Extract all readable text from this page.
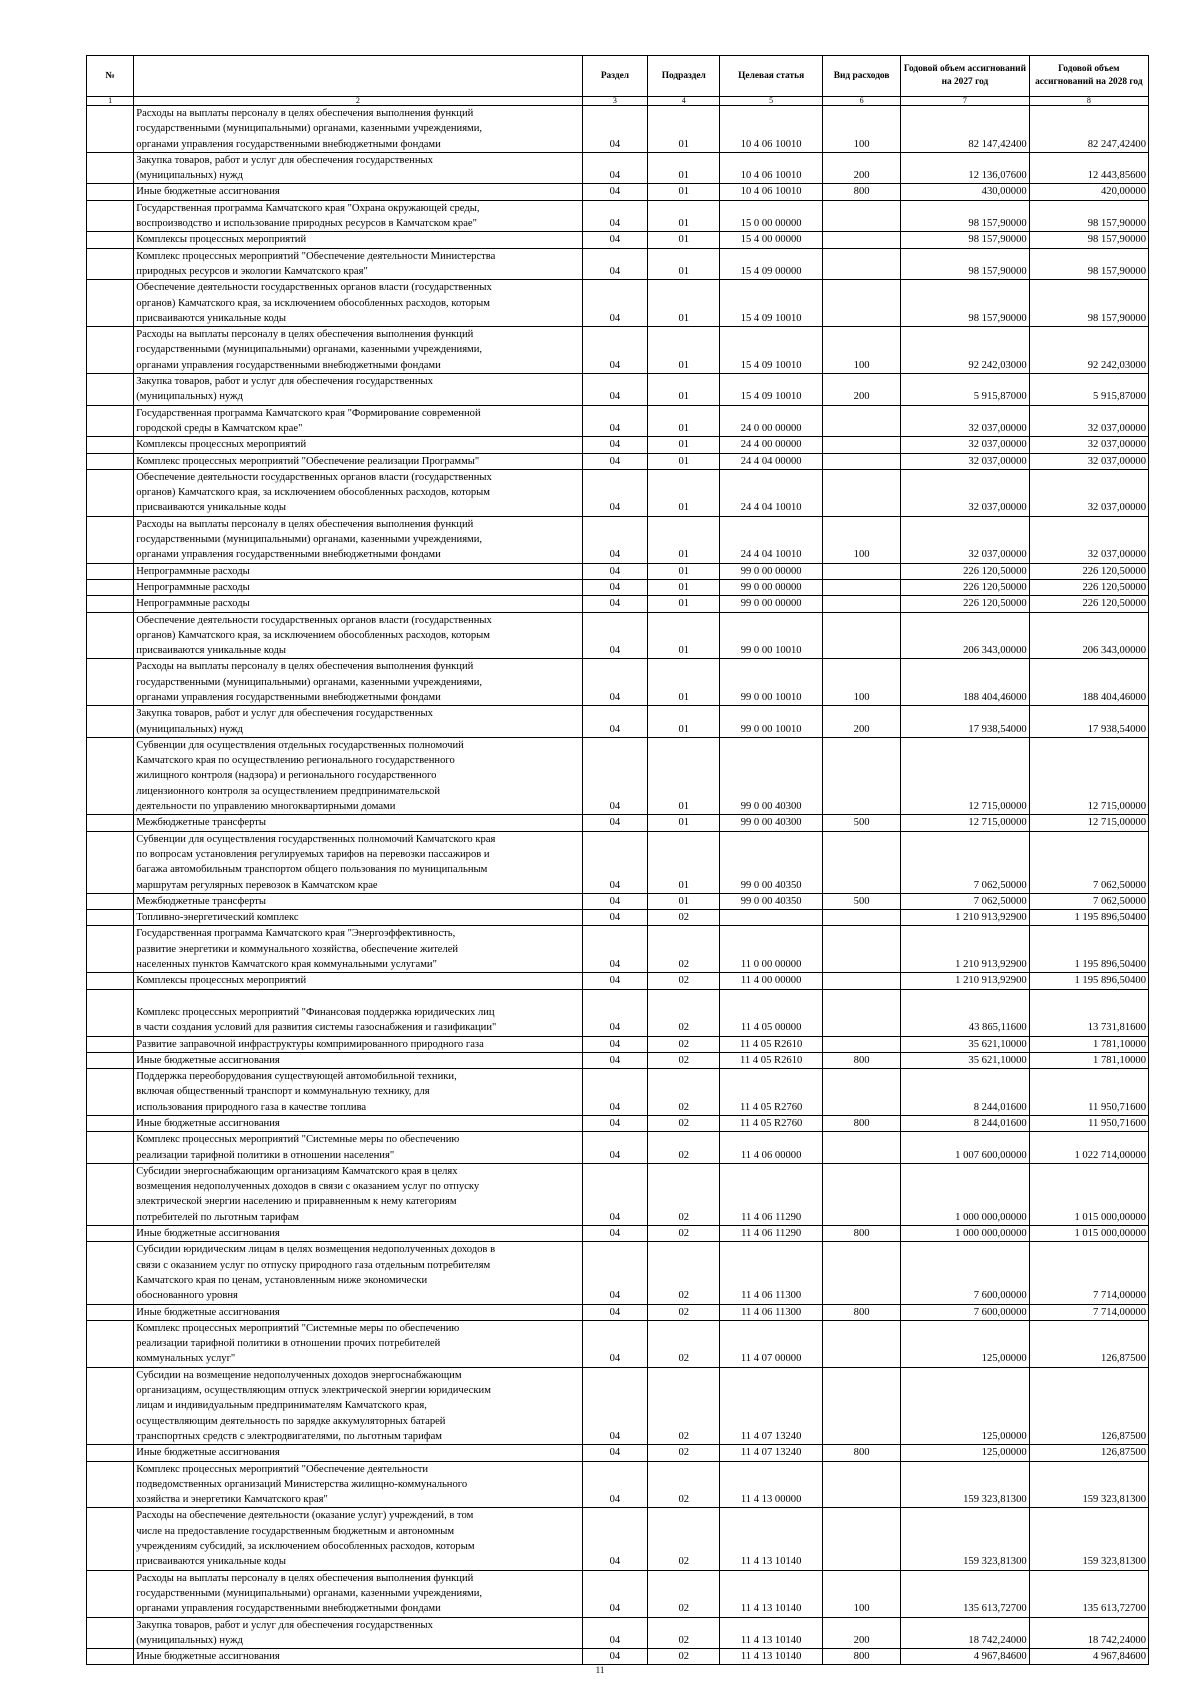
№		Раздел	Подраздел	Целевая статья	Вид расходов	Годовой объем ассигнований на 2027 год	Годовой объем ассигнований на 2028 год
1	2	3	4	5	6	7	8
	Расходы на выплаты персоналу в целях обеспечения выполнения функций
государственными (муниципальными) органами, казенными учреждениями,
органами управления государственными внебюджетными фондами	04	01	10 4 06 10010	100	82 147,42400	82 247,42400
	Закупка товаров, работ и услуг для обеспечения государственных
(муниципальных) нужд	04	01	10 4 06 10010	200	12 136,07600	12 443,85600
	Иные бюджетные ассигнования	04	01	10 4 06 10010	800	430,00000	420,00000
	Государственная программа Камчатского края "Охрана окружающей среды,
воспроизводство и использование природных ресурсов в Камчатском крае"	04	01	15 0 00 00000		98 157,90000	98 157,90000
	Комплексы процессных мероприятий	04	01	15 4 00 00000		98 157,90000	98 157,90000
	Комплекс процессных мероприятий "Обеспечение деятельности Министерства
природных ресурсов и экологии Камчатского края"	04	01	15 4 09 00000		98 157,90000	98 157,90000
	Обеспечение деятельности государственных органов власти (государственных
органов) Камчатского края, за исключением обособленных расходов, которым
присваиваются уникальные коды	04	01	15 4 09 10010		98 157,90000	98 157,90000
	Расходы на выплаты персоналу в целях обеспечения выполнения функций
государственными (муниципальными) органами, казенными учреждениями,
органами управления государственными внебюджетными фондами	04	01	15 4 09 10010	100	92 242,03000	92 242,03000
	Закупка товаров, работ и услуг для обеспечения государственных
(муниципальных) нужд	04	01	15 4 09 10010	200	5 915,87000	5 915,87000
	Государственная программа Камчатского края "Формирование современной
городской среды в Камчатском крае"	04	01	24 0 00 00000		32 037,00000	32 037,00000
	Комплексы процессных мероприятий	04	01	24 4 00 00000		32 037,00000	32 037,00000
	Комплекс процессных мероприятий "Обеспечение реализации Программы"	04	01	24 4 04 00000		32 037,00000	32 037,00000
	Обеспечение деятельности государственных органов власти (государственных
органов) Камчатского края, за исключением обособленных расходов, которым
присваиваются уникальные коды	04	01	24 4 04 10010		32 037,00000	32 037,00000
	Расходы на выплаты персоналу в целях обеспечения выполнения функций
государственными (муниципальными) органами, казенными учреждениями,
органами управления государственными внебюджетными фондами	04	01	24 4 04 10010	100	32 037,00000	32 037,00000
	Непрограммные расходы	04	01	99 0 00 00000		226 120,50000	226 120,50000
	Непрограммные расходы	04	01	99 0 00 00000		226 120,50000	226 120,50000
	Непрограммные расходы	04	01	99 0 00 00000		226 120,50000	226 120,50000
	Обеспечение деятельности государственных органов власти (государственных
органов) Камчатского края, за исключением обособленных расходов, которым
присваиваются уникальные коды	04	01	99 0 00 10010		206 343,00000	206 343,00000
	Расходы на выплаты персоналу в целях обеспечения выполнения функций
государственными (муниципальными) органами, казенными учреждениями,
органами управления государственными внебюджетными фондами	04	01	99 0 00 10010	100	188 404,46000	188 404,46000
	Закупка товаров, работ и услуг для обеспечения государственных
(муниципальных) нужд	04	01	99 0 00 10010	200	17 938,54000	17 938,54000
	Субвенции для осуществления отдельных государственных полномочий
Камчатского края по осуществлению регионального государственного
жилищного контроля (надзора) и регионального государственного
лицензионного контроля за осуществлением предпринимательской
деятельности по управлению многоквартирными домами	04	01	99 0 00 40300		12 715,00000	12 715,00000
	Межбюджетные трансферты	04	01	99 0 00 40300	500	12 715,00000	12 715,00000
	Субвенции для осуществления государственных полномочий Камчатского края
по вопросам установления регулируемых тарифов на перевозки пассажиров и
багажа автомобильным транспортом общего пользования по муниципальным
маршрутам регулярных перевозок в Камчатском крае	04	01	99 0 00 40350		7 062,50000	7 062,50000
	Межбюджетные трансферты	04	01	99 0 00 40350	500	7 062,50000	7 062,50000
	Топливно-энергетический комплекс	04	02			1 210 913,92900	1 195 896,50400
	Государственная программа Камчатского края "Энергоэффективность,
развитие энергетики и коммунального хозяйства, обеспечение жителей
населенных пунктов Камчатского края коммунальными услугами"	04	02	11 0 00 00000		1 210 913,92900	1 195 896,50400
	Комплексы процессных мероприятий	04	02	11 4 00 00000		1 210 913,92900	1 195 896,50400

Комплекс процессных мероприятий "Финансовая поддержка юридических лиц
в части создания условий для развития системы газоснабжения и газификации"	04	02	11 4 05 00000		43 865,11600	13 731,81600
	Развитие заправочной инфраструктуры компримированного природного газа	04	02	11 4 05 R2610		35 621,10000	1 781,10000
	Иные бюджетные ассигнования	04	02	11 4 05 R2610	800	35 621,10000	1 781,10000
	Поддержка переоборудования существующей автомобильной техники,
включая общественный транспорт и коммунальную технику, для
использования природного газа в качестве топлива	04	02	11 4 05 R2760		8 244,01600	11 950,71600
	Иные бюджетные ассигнования	04	02	11 4 05 R2760	800	8 244,01600	11 950,71600
	Комплекс процессных мероприятий "Системные меры по обеспечению
реализации тарифной политики в отношении населения"	04	02	11 4 06 00000		1 007 600,00000	1 022 714,00000
	Субсидии энергоснабжающим организациям Камчатского края в целях
возмещения недополученных доходов в связи с оказанием услуг по отпуску
электрической энергии населению и приравненным к нему категориям
потребителей по льготным тарифам	04	02	11 4 06 11290		1 000 000,00000	1 015 000,00000
	Иные бюджетные ассигнования	04	02	11 4 06 11290	800	1 000 000,00000	1 015 000,00000
	Субсидии юридическим лицам в целях возмещения недополученных доходов в
связи с оказанием услуг по отпуску природного газа отдельным потребителям
Камчатского края по ценам, установленным ниже экономически
обоснованного уровня	04	02	11 4 06 11300		7 600,00000	7 714,00000
	Иные бюджетные ассигнования	04	02	11 4 06 11300	800	7 600,00000	7 714,00000
	Комплекс процессных мероприятий "Системные меры по обеспечению
реализации тарифной политики в отношении прочих потребителей
коммунальных услуг"	04	02	11 4 07 00000		125,00000	126,87500
	Субсидии на возмещение недополученных доходов энергоснабжающим
организациям, осуществляющим отпуск электрической энергии юридическим
лицам и индивидуальным предпринимателям Камчатского края,
осуществляющим деятельность по зарядке аккумуляторных батарей
транспортных средств с электродвигателями, по льготным тарифам	04	02	11 4 07 13240		125,00000	126,87500
	Иные бюджетные ассигнования	04	02	11 4 07 13240	800	125,00000	126,87500
	Комплекс процессных мероприятий "Обеспечение деятельности
подведомственных организаций Министерства жилищно-коммунального
хозяйства и энергетики Камчатского края"	04	02	11 4 13 00000		159 323,81300	159 323,81300
	Расходы на обеспечение деятельности (оказание услуг) учреждений, в том
числе на предоставление государственным бюджетным и автономным
учреждениям субсидий, за исключением обособленных расходов, которым
присваиваются уникальные коды	04	02	11 4 13 10140		159 323,81300	159 323,81300
	Расходы на выплаты персоналу в целях обеспечения выполнения функций
государственными (муниципальными) органами, казенными учреждениями,
органами управления государственными внебюджетными фондами	04	02	11 4 13 10140	100	135 613,72700	135 613,72700
	Закупка товаров, работ и услуг для обеспечения государственных
(муниципальных) нужд	04	02	11 4 13 10140	200	18 742,24000	18 742,24000
	Иные бюджетные ассигнования	04	02	11 4 13 10140	800	4 967,84600	4 967,84600
11
